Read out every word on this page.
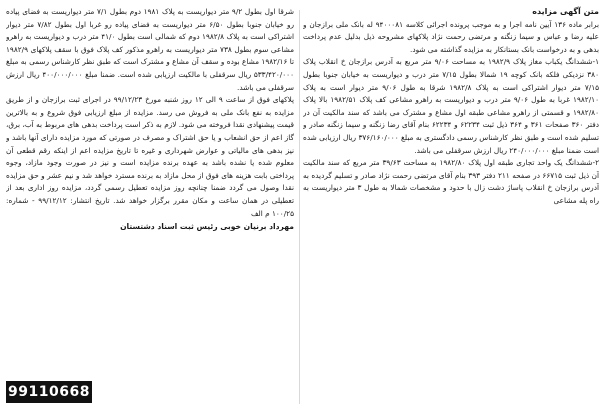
متن آگهی مزایده

برابر ماده ۱۳۶ آیین نامه اجرا و به موجب پرونده اجرائی کلاسه ۹۴۰۰۰۸۱ له بانک ملی برازجان و علیه رضا و عباس و سیما زنگنه و مرتضی رحمت نژاد پلاکهای مشروحه ذیل بدلیل عدم پرداخت بدهی و به درخواست بانک بستانکار به مزایده گذاشته می شود.

۱-ششدانگ یکباب مغاز پلاک ۱۹۸۲/۹ به مساحت ۹/۰۶ متر مربع به آدرس برازجان خ انقلاب پلاک ۳۸۰ نزدیکی فلکه بانک کوچه ۱۹ شمالا بطول ۷/۱۵ متر درب و دیواریست به خیابان جنوبا بطول ۷/۱۵ متر دیوار اشتراکی است به پلاک ۱۹۸۲/۸ شرقا به طول ۹/۰۶ متر دیوار است به پلاک ۱۹۸۲/۱۰ غربا به طول ۹/۰۶ متر درب و دیواریست به راهرو مشاعی کف پلاک ۱۹۸۲/۵۱ بالا پلاک ۱۹۸۲/۸۰ و قسمتی از راهرو مشاعی طبقه اول مشاع و مشترک می باشد که سند مالکیت آن در دفتر ۳۶۰ صفحات ۳۶۱ و ۳۶۴ ذیل ثبت ۶۲۲۳۴ و ۶۲۲۳۴ بنام آقای رضا زنگنه و سیما زنگنه صادر و تسلیم شده است و طبق نظر کارشناس رسمی دادگستری به مبلغ ۳۷۶/۱۶۰/۰۰۰ ریال ارزیابی شده است ضمنا مبلغ ۲۴۰/۰۰۰/۰۰۰ ریال ارزش سرقفلی می باشد.

۲-ششدانگ یک واحد تجاری طبقه اول پلاک ۱۹۸۲/۸۰ به مساحت ۳۹/۶۳ متر مربع که سند مالکیت آن ذیل ثبت ۶۶۷۱۵ در صفحه ۲۱۱ دفتر ۳۹۳ بنام آقای مرتضی رحمت نژاد صادر و تسلیم گردیده به آدرس برازجان خ انقلاب پاساژ دشت زال با حدود و مشخصات شمالا به طول ۳ متر دیواریست به راه پله مشاعی

شرقا اول بطول ۹/۲ متر دیواریست به پلاک ۱۹۸۱ دوم بطول ۷/۱ متر دیواریست به فضای پیاده رو خیابان جنوبا بطول ۶/۵۰ متر دیواریست به فضای پیاده رو غربا اول بطول ۷/۸۲ متر دیوار اشتراکی است به پلاک ۱۹۸۲/۸ دوم که شمالی است بطول ۴۱/۰ متر درب و دیواریست به راهرو مشاعی سوم بطول ۷۳۸ متر دیواریست به راهرو مذکور کف پلاک فوق با سقف پلاکهای ۱۹۸۲/۹ تا ۱۹۸۲/۱۶ مشاع بوده و سقف آن مشاع و مشترک است که طبق نظر کارشناس رسمی به مبلغ ۵۳۳/۴۲۰/۰۰۰ ریال سرقفلی با مالکیت ارزیابی شده است. ضمنا مبلغ ۴۰۰/۰۰۰/۰۰۰ ریال ارزش سرقفلی می باشد.

پلاکهای فوق از ساعت ۹ الی ۱۲ روز شنبه مورخ ۹۹/۱۲/۲۳ در اجرای ثبت برازجان و از طریق مزایده به نفع بانک ملی به فروش می رسد. مزایده از مبلغ ارزیابی فوق شروع و به بالاترین قیمت پیشنهادی نقدا فروخته می شود. لازم به ذکر است پرداخت بدهی های مربوط به آب، برق، گاز اعم از حق انشعاب و یا حق اشتراک و مصرف در صورتی که مورد مزایده دارای آنها باشد و نیز بدهی های مالیاتی و عوارض شهرداری و غیره تا تاریخ مزایده اعم از اینکه رقم قطعی آن معلوم شده یا نشده باشد به عهده برنده مزایده است و نیز در صورت وجود مازاد، وجوه پرداختی بابت هزینه های فوق از محل مازاد به برنده مسترد خواهد شد و نیم عشر و حق مزایده نقدا وصول می گردد ضمنا چنانچه روز مزایده تعطیل رسمی گردد، مزایده روز اداری بعد از تعطیلی در همان ساعت و مکان مقرر برگزار خواهد شد. تاریخ انتشار: ۹۹/۱۲/۱۲ - شماره: ۱۰۰/۲۵ م الف

مهرداد برنیان خوبی رئیس ثبت اسناد دشتستان
99110668
